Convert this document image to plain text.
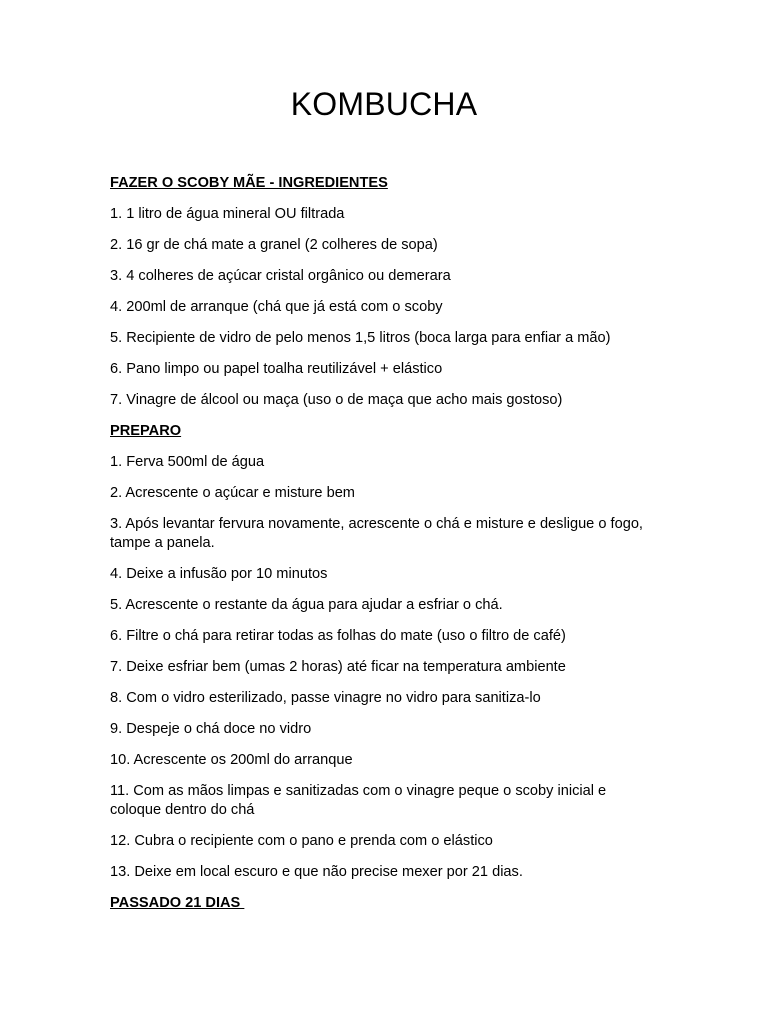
KOMBUCHA

FAZER O SCOBY MÃE - INGREDIENTES

1. 1 litro de água mineral OU filtrada

2. 16 gr de chá mate a granel (2 colheres de sopa)

3. 4 colheres de açúcar cristal orgânico ou demerara

4. 200ml de arranque (chá que já está com o scoby

5. Recipiente de vidro de pelo menos 1,5 litros (boca larga para enfiar a mão)

6. Pano limpo ou papel toalha reutilizável + elástico

7. Vinagre de álcool ou maça (uso o de maça que acho mais gostoso)

PREPARO

1. Ferva 500ml de água

2. Acrescente o açúcar e misture bem

3. Após levantar fervura novamente, acrescente o chá e misture e desligue o fogo, tampe a panela.

4. Deixe a infusão por 10 minutos

5. Acrescente o restante da água para ajudar a esfriar o chá.

6. Filtre o chá para retirar todas as folhas do mate (uso o filtro de café)

7. Deixe esfriar bem (umas 2 horas) até ficar na temperatura ambiente

8. Com o vidro esterilizado, passe vinagre no vidro para sanitiza-lo

9. Despeje o chá doce no vidro

10. Acrescente os 200ml do arranque

11. Com as mãos limpas e sanitizadas com o vinagre peque o scoby inicial e coloque dentro do chá

12. Cubra o recipiente com o pano e prenda com o elástico

13. Deixe em local escuro e que não precise mexer por 21 dias.

PASSADO 21 DIAS
